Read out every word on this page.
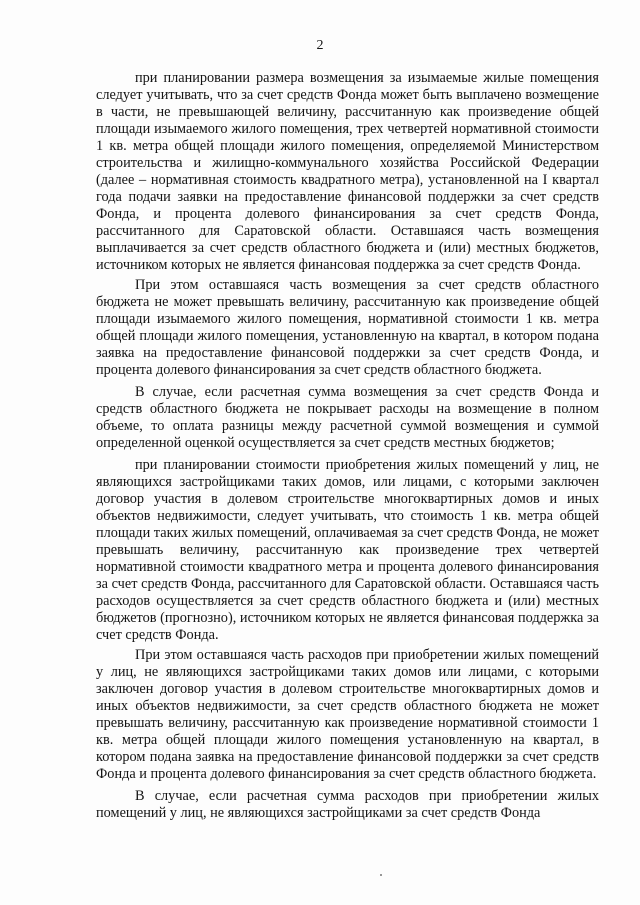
2

при планировании размера возмещения за изымаемые жилые помещения следует учитывать, что за счет средств Фонда может быть выплачено возмещение в части, не превышающей величину, рассчитанную как произведение общей площади изымаемого жилого помещения, трех четвертей нормативной стоимости 1 кв. метра общей площади жилого помещения, определяемой Министерством строительства и жилищно-коммунального хозяйства Российской Федерации (далее – нормативная стоимость квадратного метра), установленной на I квартал года подачи заявки на предоставление финансовой поддержки за счет средств Фонда, и процента долевого финансирования за счет средств Фонда, рассчитанного для Саратовской области. Оставшаяся часть возмещения выплачивается за счет средств областного бюджета и (или) местных бюджетов, источником которых не является финансовая поддержка за счет средств Фонда.

При этом оставшаяся часть возмещения за счет средств областного бюджета не может превышать величину, рассчитанную как произведение общей площади изымаемого жилого помещения, нормативной стоимости 1 кв. метра общей площади жилого помещения, установленную на квартал, в котором подана заявка на предоставление финансовой поддержки за счет средств Фонда, и процента долевого финансирования за счет средств областного бюджета.

В случае, если расчетная сумма возмещения за счет средств Фонда и средств областного бюджета не покрывает расходы на возмещение в полном объеме, то оплата разницы между расчетной суммой возмещения и суммой определенной оценкой осуществляется за счет средств местных бюджетов;

при планировании стоимости приобретения жилых помещений у лиц, не являющихся застройщиками таких домов, или лицами, с которыми заключен договор участия в долевом строительстве многоквартирных домов и иных объектов недвижимости, следует учитывать, что стоимость 1 кв. метра общей площади таких жилых помещений, оплачиваемая за счет средств Фонда, не может превышать величину, рассчитанную как произведение трех четвертей нормативной стоимости квадратного метра и процента долевого финансирования за счет средств Фонда, рассчитанного для Саратовской области. Оставшаяся часть расходов осуществляется за счет средств областного бюджета и (или) местных бюджетов (прогнозно), источником которых не является финансовая поддержка за счет средств Фонда.

При этом оставшаяся часть расходов при приобретении жилых помещений у лиц, не являющихся застройщиками таких домов или лицами, с которыми заключен договор участия в долевом строительстве многоквартирных домов и иных объектов недвижимости, за счет средств областного бюджета не может превышать величину, рассчитанную как произведение нормативной стоимости 1 кв. метра общей площади жилого помещения установленную на квартал, в котором подана заявка на предоставление финансовой поддержки за счет средств Фонда и процента долевого финансирования за счет средств областного бюджета.

В случае, если расчетная сумма расходов при приобретении жилых помещений у лиц, не являющихся застройщиками за счет средств Фонда
